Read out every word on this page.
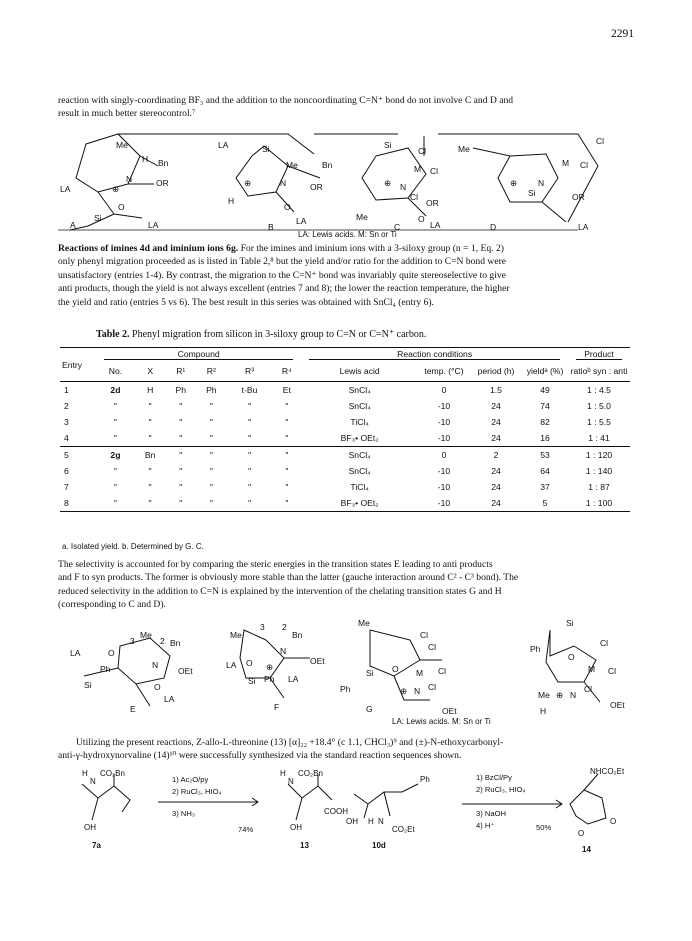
2291
reaction with singly-coordinating BF₃ and the addition to the noncoordinating C=N⁺ bond do not involve C and D and
result in much better stereocontrol.⁷
Me
H Bn
LA
N	OR
⊕
O
Si
A	LA
LA	Si
Me	Bn
⊕	N	OR
H
O
LA
B
Si
Cl
M Cl
⊕ N
Cl
OR
Me
C
O
LA
Me
Cl
M Cl
⊕ N
Si	OR
D	LA
LA: Lewis acids. M: Sn or Ti
Reactions of imines 4d and iminium ions 6g. For the imines and iminium ions with a 3-siloxy group (n = 1, Eq. 2)
only phenyl migration proceeded as is listed in Table 2,⁸ but the yield and/or ratio for the addition to C=N bond were
unsatisfactory (entries 1-4). By contrast, the migration to the C=N⁺ bond was invariably quite stereoselective to give
anti products, though the yield is not always excellent (entries 7 and 8); the lower the reaction temperature, the higher
the yield and ratio (entries 5 vs 6). The best result in this series was obtained with SnCl₄ (entry 6).
Table 2. Phenyl migration from silicon in 3-siloxy group to C=N or C=N⁺ carbon.
Entry	Compound						Reaction conditions				Product

	No.	X	R¹	R²	R³	R⁴	Lewis acid	temp. (°C)	period (h)	yieldᵃ (%)	ratioᵇ syn : anti
1	2d	H	Ph	Ph	t-Bu	Et	SnCl₄	0	1.5	49	1 : 4.5
2	″	″	″	″	″	″	SnCl₄	-10	24	74	1 : 5.0
3	″	″	″	″	″	″	TiCl₄	-10	24	82	1 : 5.5
4	″	″	″	″	″	″	BF₃• OEt₂	-10	24	16	1 : 41
5	2g	Bn	″	″	″	″	SnCl₄	0	2	53	1 : 120
6	″	″	″	″	″	″	SnCl₄	-10	24	64	1 : 140
7	″	″	″	″	″	″	TiCl₄	-10	24	37	1 : 87
8	″	″	″	″	″	″	BF₃• OEt₂	-10	24	5	1 : 100
a. Isolated yield. b. Determined by G. C.
The selectivity is accounted for by comparing the steric energies in the transition states E leading to anti products
and F to syn products. The former is obviously more stable than the latter (gauche interaction around C² - C³ bond). The
reduced selectivity in the addition to C=N is explained by the intervention of the chelating transition states G and H
(corresponding to C and D).
LA	O
3
Me
2 Bn
Ph	N
OEt
Si	O
LA
E
Me
3 2
Bn
N
OEt
LA O ⊕
Si Ph LA
F
Me
Cl
Cl
Si O M Cl
Ph	⊕ N Cl
OEt
G
Si
Ph
Cl
O
M Cl
Me ⊕ N
Cl
OEt
H
LA: Lewis acids. M: Sn or Ti
Utilizing the present reactions, Z-allo-L-threonine (13) [α]₂₂ +18.4° (c 1.1, CHCl₃)⁹ and (±)-N-ethoxycarbonyl-
anti-γ-hydroxynorvaline (14)¹⁰ were successfully synthesized via the standard reaction sequences shown.
H
N
CO₂Bn
OH
H
N
CO₂Bn
COOH
OH
Ph
OH H N
CO₂Et
NHCO₂Et
O
O
7a	13	10d	14
1) Ac₂O/py
2) RuCl₃, HIO₄
3) NH₃
74%
1) BzCl/Py
2) RuCl₃, HIO₄
3) NaOH
4) H⁺	50%
